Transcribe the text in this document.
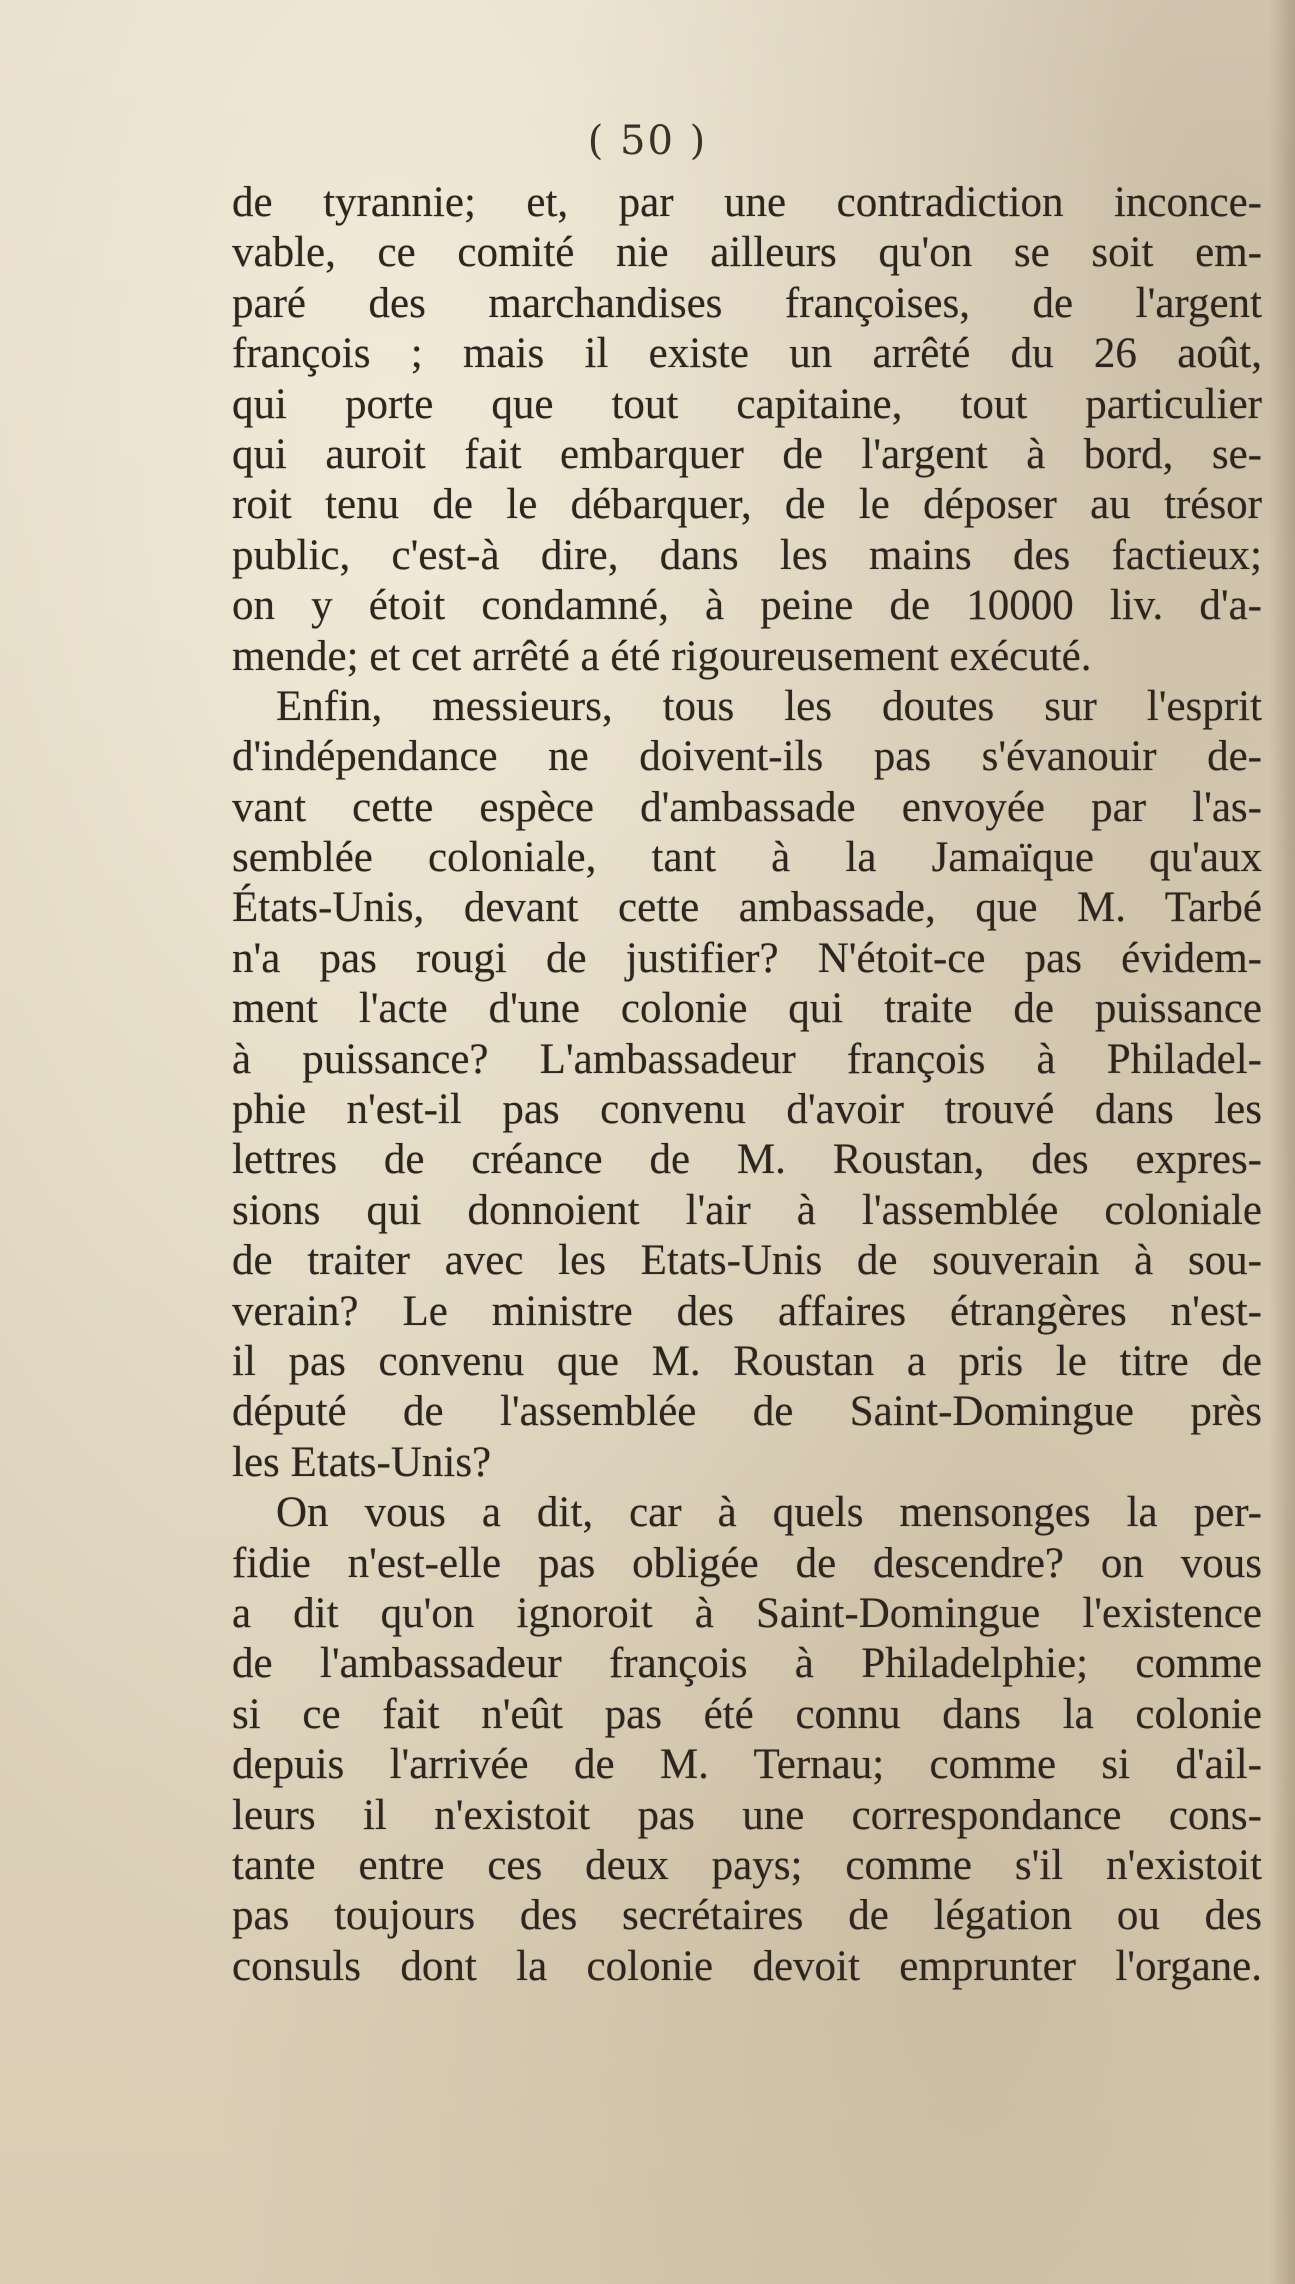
( 50 )
de tyrannie; et, par une contradiction inconce-
vable, ce comité nie ailleurs qu'on se soit em-
paré des marchandises françoises, de l'argent
françois ; mais il existe un arrêté du 26 août,
qui porte que tout capitaine, tout particulier
qui auroit fait embarquer de l'argent à bord, se-
roit tenu de le débarquer, de le déposer au trésor
public, c'est-à dire, dans les mains des factieux;
on y étoit condamné, à peine de 10000 liv. d'a-
mende; et cet arrêté a été rigoureusement exécuté.
Enfin, messieurs, tous les doutes sur l'esprit
d'indépendance ne doivent-ils pas s'évanouir de-
vant cette espèce d'ambassade envoyée par l'as-
semblée coloniale, tant à la Jamaïque qu'aux
États-Unis, devant cette ambassade, que M. Tarbé
n'a pas rougi de justifier? N'étoit-ce pas évidem-
ment l'acte d'une colonie qui traite de puissance
à puissance? L'ambassadeur françois à Philadel-
phie n'est-il pas convenu d'avoir trouvé dans les
lettres de créance de M. Roustan, des expres-
sions qui donnoient l'air à l'assemblée coloniale
de traiter avec les Etats-Unis de souverain à sou-
verain? Le ministre des affaires étrangères n'est-
il pas convenu que M. Roustan a pris le titre de
député de l'assemblée de Saint-Domingue près
les Etats-Unis?
On vous a dit, car à quels mensonges la per-
fidie n'est-elle pas obligée de descendre? on vous
a dit qu'on ignoroit à Saint-Domingue l'existence
de l'ambassadeur françois à Philadelphie; comme
si ce fait n'eût pas été connu dans la colonie
depuis l'arrivée de M. Ternau; comme si d'ail-
leurs il n'existoit pas une correspondance cons-
tante entre ces deux pays; comme s'il n'existoit
pas toujours des secrétaires de légation ou des
consuls dont la colonie devoit emprunter l'organe.
